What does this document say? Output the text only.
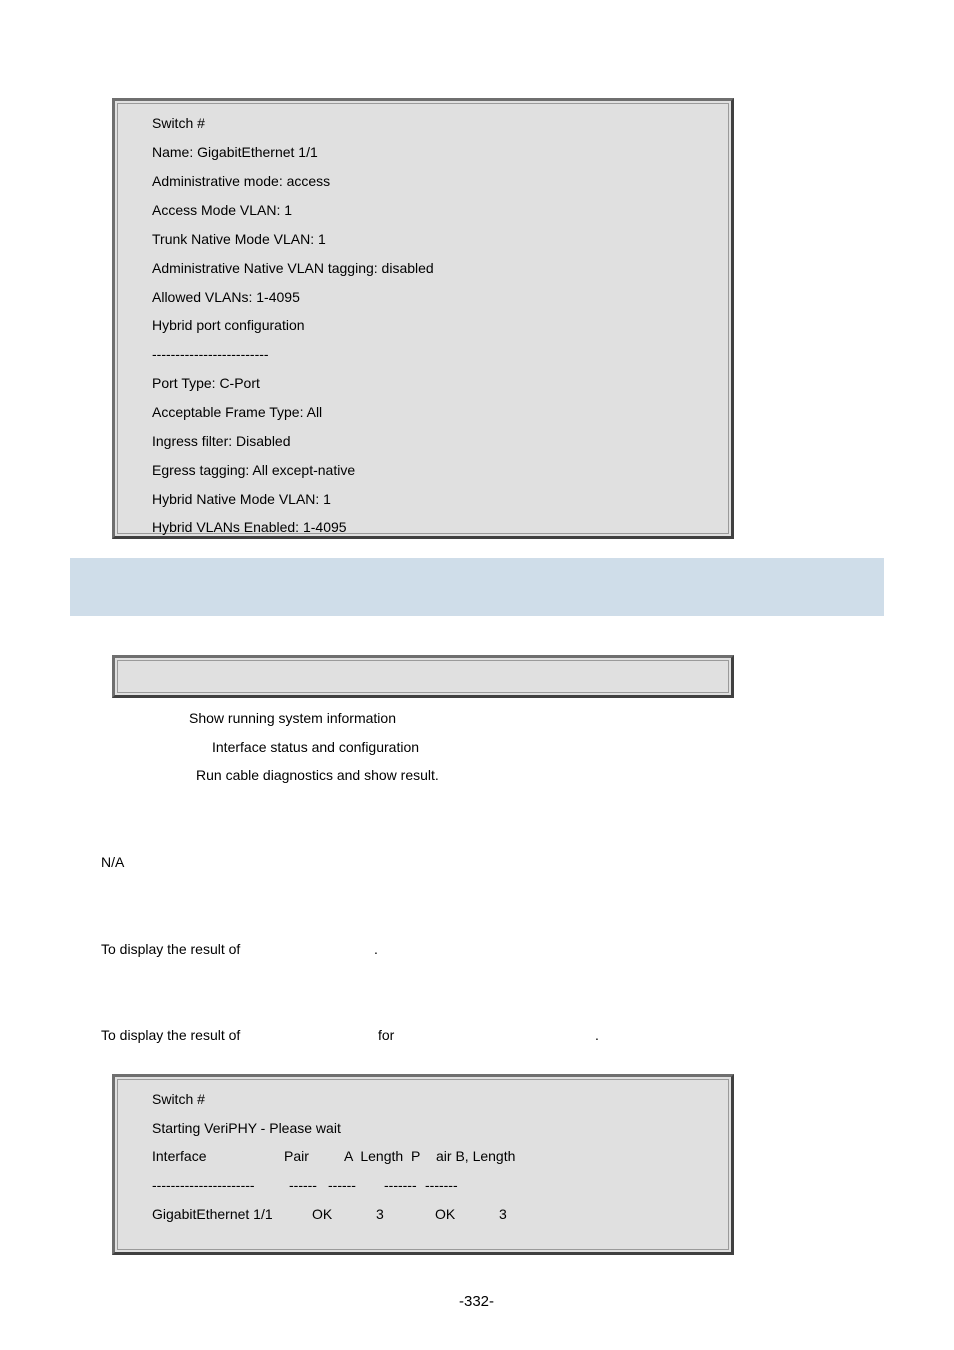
Switch #
Name: GigabitEthernet 1/1
Administrative mode: access
Access Mode VLAN: 1
Trunk Native Mode VLAN: 1
Administrative Native VLAN tagging: disabled
Allowed VLANs: 1-4095
Hybrid port configuration
-------------------------
Port Type: C-Port
Acceptable Frame Type: All
Ingress filter: Disabled
Egress tagging: All except-native
Hybrid Native Mode VLAN: 1
Hybrid VLANs Enabled: 1-4095
Show running system information
Interface status and configuration
Run cable diagnostics and show result.
N/A
To display the result of	.
To display the result of	for	.
Switch #
Starting VeriPHY - Please wait
Interface	Pair	A  Length  P air B, Length
---------------------- ------ ------ ------- -------
GigabitEthernet 1/1	OK	3	OK	3
-332-
